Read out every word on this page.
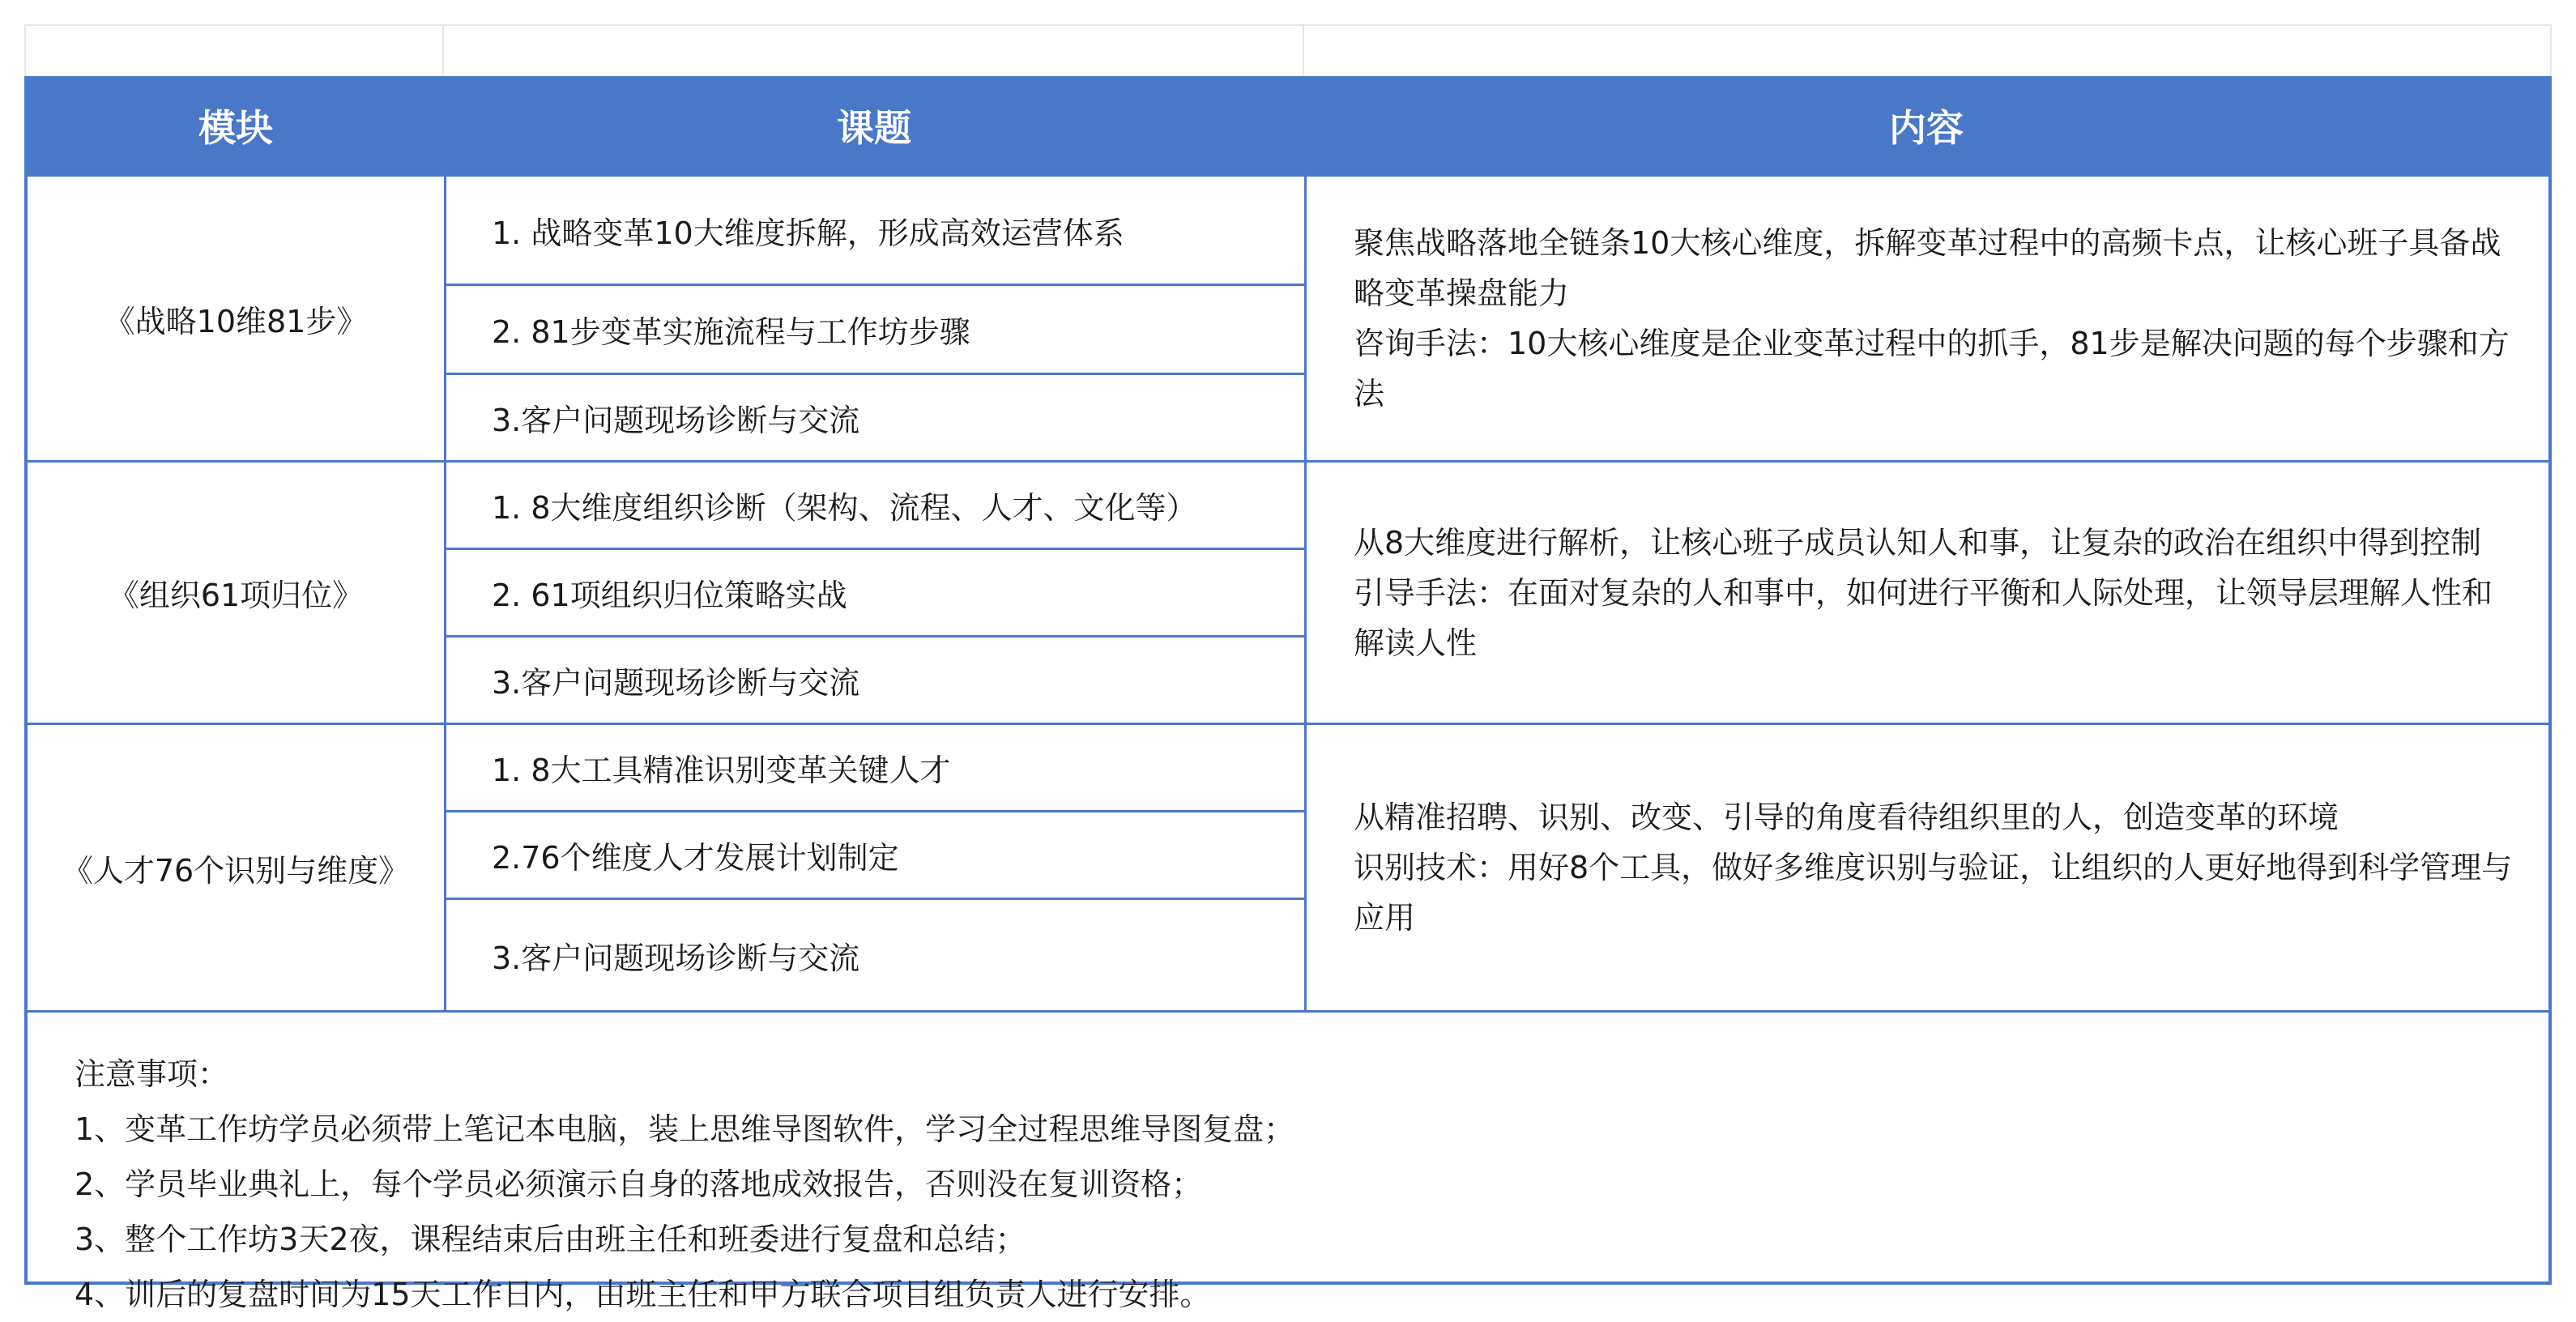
模块	课题	内容
《战略10维81步》
1. 战略变革10大维度拆解，形成高效运营体系
2. 81步变革实施流程与工作坊步骤
3.客户问题现场诊断与交流

聚焦战略落地全链条10大核心维度，拆解变革过程中的高频卡点，让核心班子具备战略变革操盘能力

咨询手法：10大核心维度是企业变革过程中的抓手，81步是解决问题的每个步骤和方法

《组织61项归位》
1. 8大维度组织诊断（架构、流程、人才、文化等）
2. 61项组织归位策略实战
3.客户问题现场诊断与交流

从8大维度进行解析，让核心班子成员认知人和事，让复杂的政治在组织中得到控制

引导手法：在面对复杂的人和事中，如何进行平衡和人际处理，让领导层理解人性和解读人性

《人才76个识别与维度》
1. 8大工具精准识别变革关键人才
2.76个维度人才发展计划制定
3.客户问题现场诊断与交流

从精准招聘、识别、改变、引导的角度看待组织里的人，创造变革的环境

识别技术：用好8个工具，做好多维度识别与验证，让组织的人更好地得到科学管理与应用

注意事项：
1、变革工作坊学员必须带上笔记本电脑，装上思维导图软件，学习全过程思维导图复盘；
2、学员毕业典礼上，每个学员必须演示自身的落地成效报告，否则没在复训资格；
3、整个工作坊3天2夜，课程结束后由班主任和班委进行复盘和总结；
4、训后的复盘时间为15天工作日内，由班主任和甲方联合项目组负责人进行安排。
